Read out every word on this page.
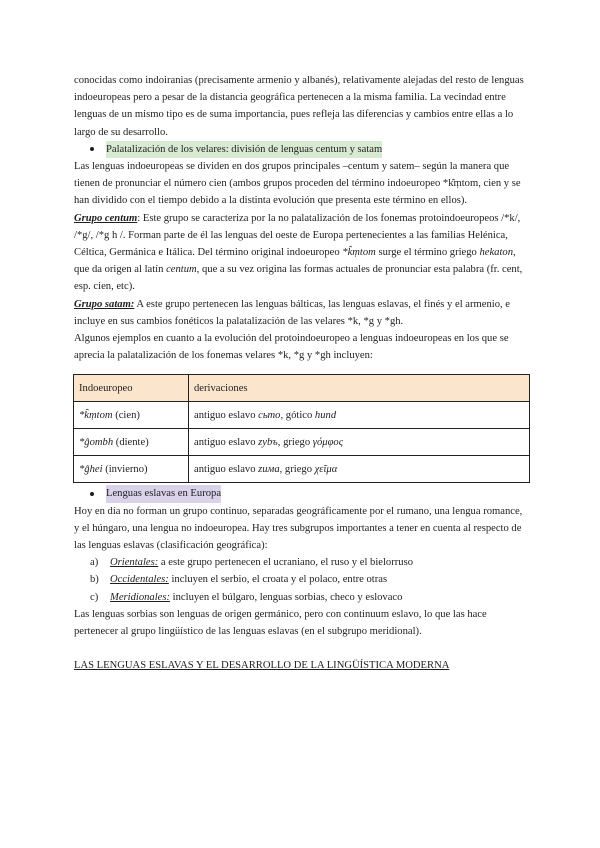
conocidas como indoiranias (precisamente armenio y albanés), relativamente alejadas del resto de lenguas indoeuropeas pero a pesar de la distancia geográfica pertenecen a la misma familia. La vecindad entre lenguas de un mismo tipo es de suma importancia, pues refleja las diferencias y cambios entre ellas a lo largo de su desarrollo.

Palatalización de los velares: división de lenguas centum y satam

Las lenguas indoeuropeas se dividen en dos grupos principales –centum y satem– según la manera que tienen de pronunciar el número cien (ambos grupos proceden del término indoeuropeo *k̑ṃtom, cien y se han dividido con el tiempo debido a la distinta evolución que presenta este término en ellos).

Grupo centum: Este grupo se caracteriza por la no palatalización de los fonemas protoindoeuropeos /*k/, /*g/, /*g h /. Forman parte de él las lenguas del oeste de Europa pertenecientes a las familias Helénica, Céltica, Germánica e Itálica. Del término original indoeuropeo *k̑ṃtom surge el término griego hekaton, que da origen al latín centum, que a su vez origina las formas actuales de pronunciar esta palabra (fr. cent, esp. cien, etc).

Grupo satam: A este grupo pertenecen las lenguas bálticas, las lenguas eslavas, el finés y el armenio, e incluye en sus cambios fonéticos la palatalización de las velares *k, *g y *gh.

Algunos ejemplos en cuanto a la evolución del protoindoeuropeo a lenguas indoeuropeas en los que se aprecia la palatalización de los fonemas velares *k, *g y *gh incluyen:

Indoeuropeo	derivaciones
*k̑ṃtom (cien)	antiguo eslavo сьто, gótico hund
*g̑ombh (diente)	antiguo eslavo zybъ, griego γόμφος
*g̑hei (invierno)	antiguo eslavo zима, griego χεῖμα
Lenguas eslavas en Europa

Hoy en día no forman un grupo continuo, separadas geográficamente por el rumano, una lengua romance, y el húngaro, una lengua no indoeuropea. Hay tres subgrupos importantes a tener en cuenta al respecto de las lenguas eslavas (clasificación geográfica):

a)	Orientales: a este grupo pertenecen el ucraniano, el ruso y el bielorruso
b)	Occidentales: incluyen el serbio, el croata y el polaco, entre otras
c)	Meridionales: incluyen el búlgaro, lenguas sorbias, checo y eslovaco

Las lenguas sorbias son lenguas de origen germánico, pero con continuum eslavo, lo que las hace pertenecer al grupo lingüístico de las lenguas eslavas (en el subgrupo meridional).

LAS LENGUAS ESLAVAS Y EL DESARROLLO DE LA LINGÜÍSTICA MODERNA
